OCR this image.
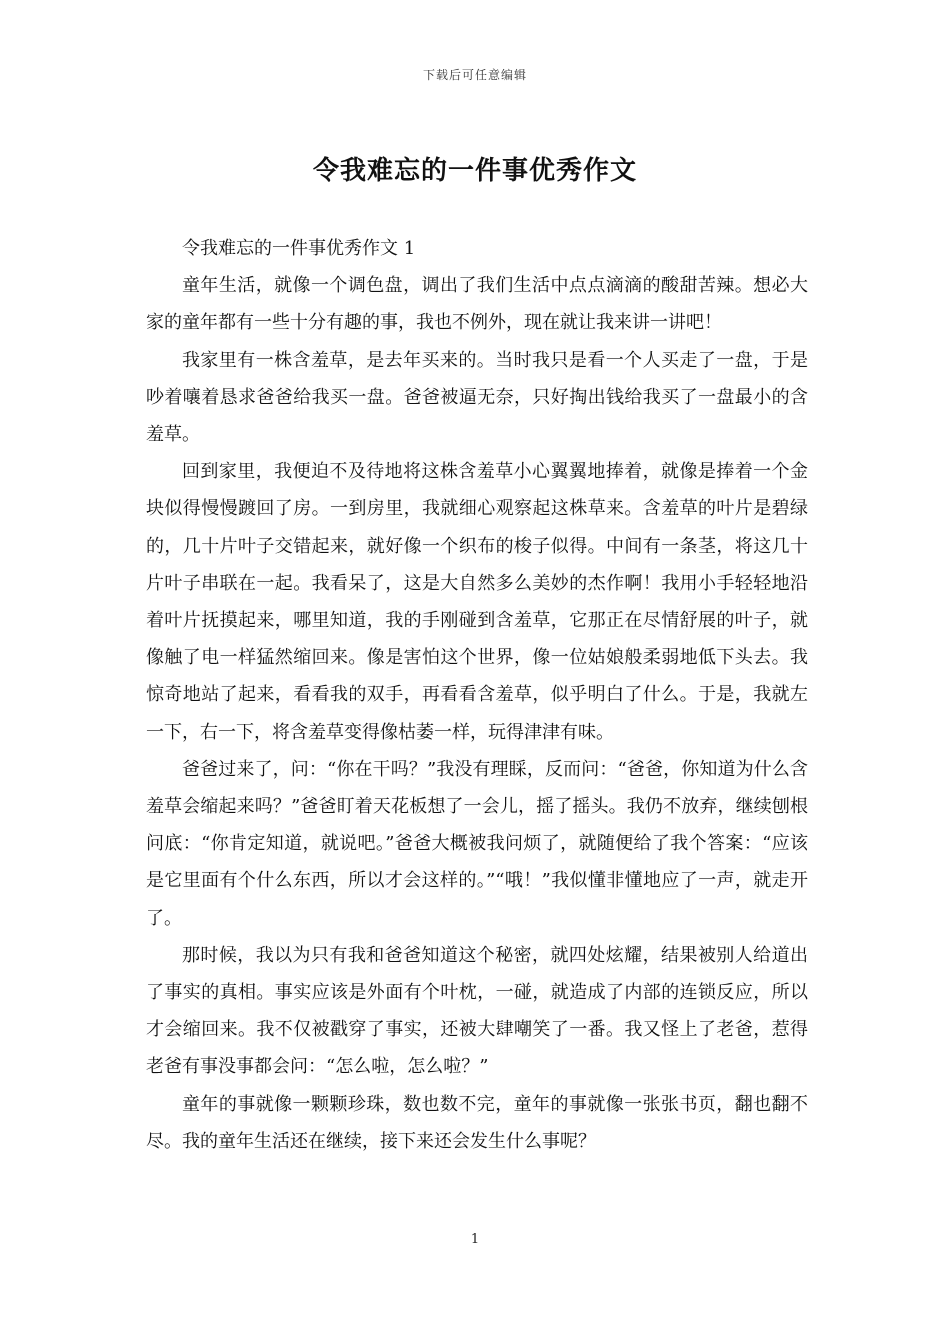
下载后可任意编辑
令我难忘的一件事优秀作文

令我难忘的一件事优秀作文 1

童年生活，就像一个调色盘，调出了我们生活中点点滴滴的酸甜苦辣。想必大家的童年都有一些十分有趣的事，我也不例外，现在就让我来讲一讲吧！

我家里有一株含羞草，是去年买来的。当时我只是看一个人买走了一盘，于是吵着嚷着恳求爸爸给我买一盘。爸爸被逼无奈，只好掏出钱给我买了一盘最小的含羞草。

回到家里，我便迫不及待地将这株含羞草小心翼翼地捧着，就像是捧着一个金块似得慢慢踱回了房。一到房里，我就细心观察起这株草来。含羞草的叶片是碧绿的，几十片叶子交错起来，就好像一个织布的梭子似得。中间有一条茎，将这几十片叶子串联在一起。我看呆了，这是大自然多么美妙的杰作啊！我用小手轻轻地沿着叶片抚摸起来，哪里知道，我的手刚碰到含羞草，它那正在尽情舒展的叶子，就像触了电一样猛然缩回来。像是害怕这个世界，像一位姑娘般柔弱地低下头去。我惊奇地站了起来，看看我的双手，再看看含羞草，似乎明白了什么。于是，我就左一下，右一下，将含羞草变得像枯萎一样，玩得津津有味。

爸爸过来了，问：“你在干吗？”我没有理睬，反而问：“爸爸，你知道为什么含羞草会缩起来吗？”爸爸盯着天花板想了一会儿，摇了摇头。我仍不放弃，继续刨根问底：“你肯定知道，就说吧。”爸爸大概被我问烦了，就随便给了我个答案：“应该是它里面有个什么东西，所以才会这样的。”“哦！”我似懂非懂地应了一声，就走开了。

那时候，我以为只有我和爸爸知道这个秘密，就四处炫耀，结果被别人给道出了事实的真相。事实应该是外面有个叶枕，一碰，就造成了内部的连锁反应，所以才会缩回来。我不仅被戳穿了事实，还被大肆嘲笑了一番。我又怪上了老爸，惹得老爸有事没事都会问：“怎么啦，怎么啦？”

童年的事就像一颗颗珍珠，数也数不完，童年的事就像一张张书页，翻也翻不尽。我的童年生活还在继续，接下来还会发生什么事呢？

1
